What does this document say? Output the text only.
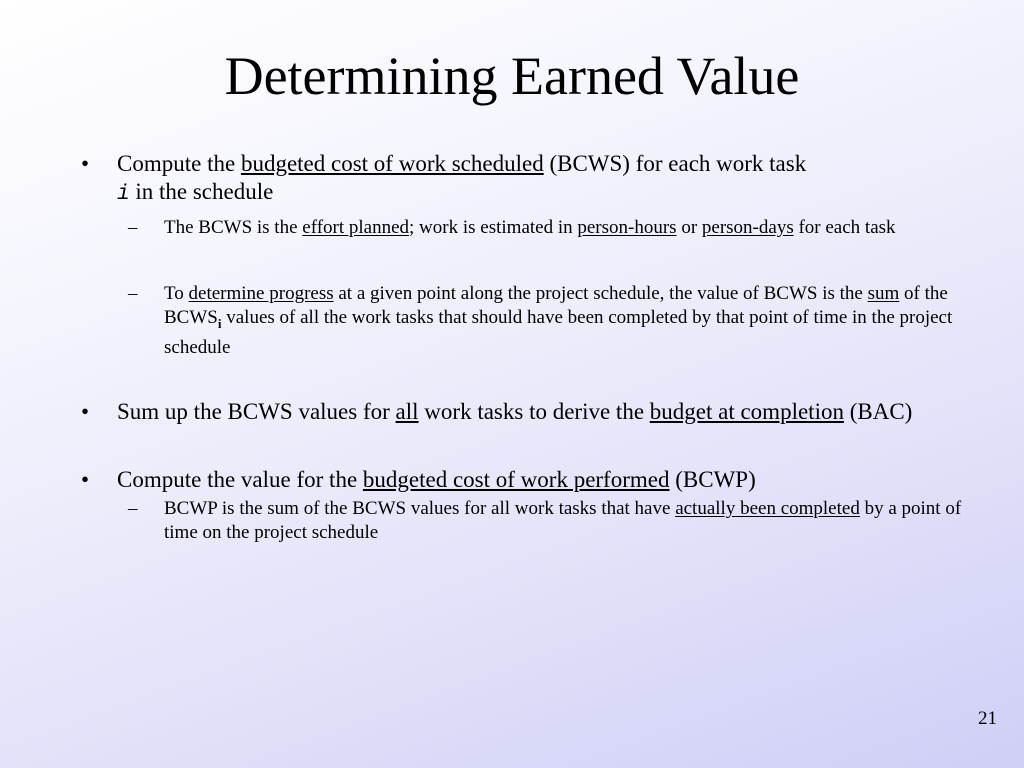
Determining Earned Value
• Compute the budgeted cost of work scheduled (BCWS) for each work task
i in the schedule
– The BCWS is the effort planned; work is estimated in person-hours or person-days for each task
– To determine progress at a given point along the project schedule, the value of BCWS is the sum of the $BCWS_i$ values of all the work tasks that should have been completed by that point of time in the project schedule
• Sum up the BCWS values for all work tasks to derive the budget at completion (BAC)
• Compute the value for the budgeted cost of work performed (BCWP)
– BCWP is the sum of the BCWS values for all work tasks that have actually been completed by a point of time on the project schedule
21
